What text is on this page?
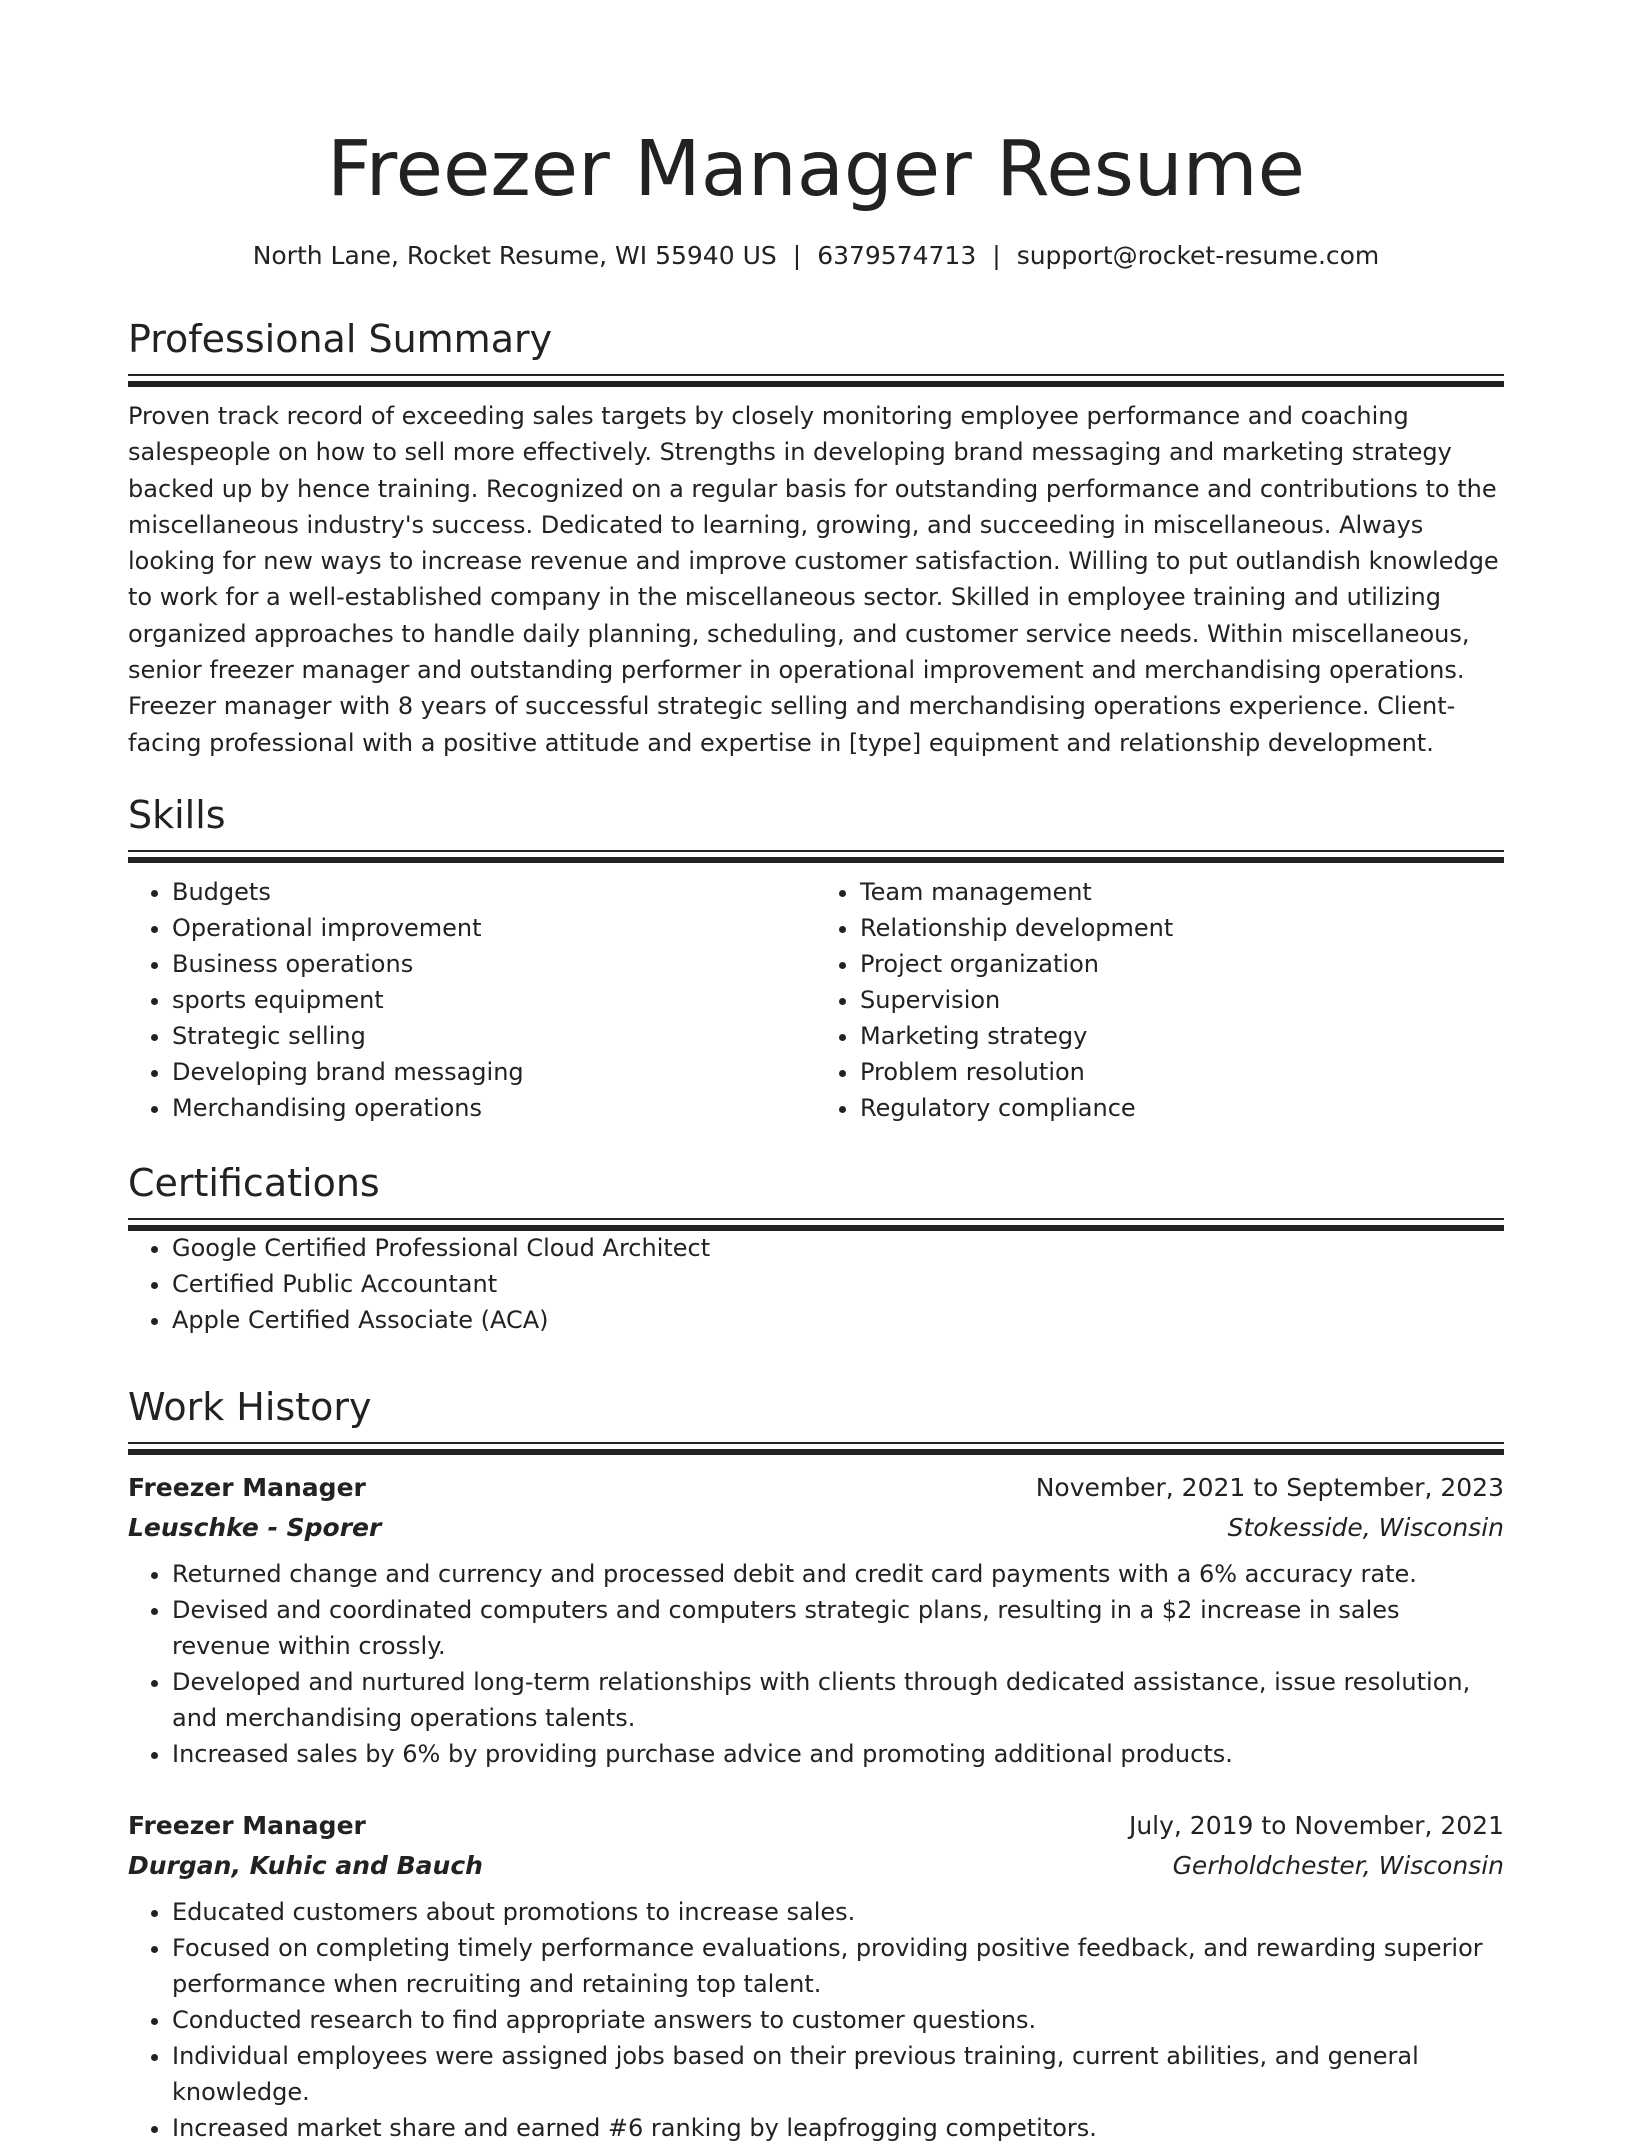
Freezer Manager Resume
North Lane, Rocket Resume, WI 55940 US | 6379574713 | support@rocket-resume.com
Professional Summary

Proven track record of exceeding sales targets by closely monitoring employee performance and coaching salespeople on how to sell more effectively. Strengths in developing brand messaging and marketing strategy backed up by hence training. Recognized on a regular basis for outstanding performance and contributions to the miscellaneous industry's success. Dedicated to learning, growing, and succeeding in miscellaneous. Always looking for new ways to increase revenue and improve customer satisfaction. Willing to put outlandish knowledge to work for a well-established company in the miscellaneous sector. Skilled in employee training and utilizing organized approaches to handle daily planning, scheduling, and customer service needs. Within miscellaneous, senior freezer manager and outstanding performer in operational improvement and merchandising operations. Freezer manager with 8 years of successful strategic selling and merchandising operations experience. Client-facing professional with a positive attitude and expertise in [type] equipment and relationship development.

Skills
• Budgets
• Operational improvement
• Business operations
• sports equipment
• Strategic selling
• Developing brand messaging
• Merchandising operations
• Team management
• Relationship development
• Project organization
• Supervision
• Marketing strategy
• Problem resolution
• Regulatory compliance
Certifications
• Google Certified Professional Cloud Architect
• Certified Public Accountant
• Apple Certified Associate (ACA)
Work History
Freezer Manager	November, 2021 to September, 2023
Leuschke - Sporer	Stokesside, Wisconsin
• Returned change and currency and processed debit and credit card payments with a 6% accuracy rate.
• Devised and coordinated computers and computers strategic plans, resulting in a $2 increase in sales revenue within crossly.
• Developed and nurtured long-term relationships with clients through dedicated assistance, issue resolution, and merchandising operations talents.
• Increased sales by 6% by providing purchase advice and promoting additional products.
Freezer Manager	July, 2019 to November, 2021
Durgan, Kuhic and Bauch	Gerholdchester, Wisconsin
• Educated customers about promotions to increase sales.
• Focused on completing timely performance evaluations, providing positive feedback, and rewarding superior performance when recruiting and retaining top talent.
• Conducted research to find appropriate answers to customer questions.
• Individual employees were assigned jobs based on their previous training, current abilities, and general knowledge.
• Increased market share and earned #6 ranking by leapfrogging competitors.
